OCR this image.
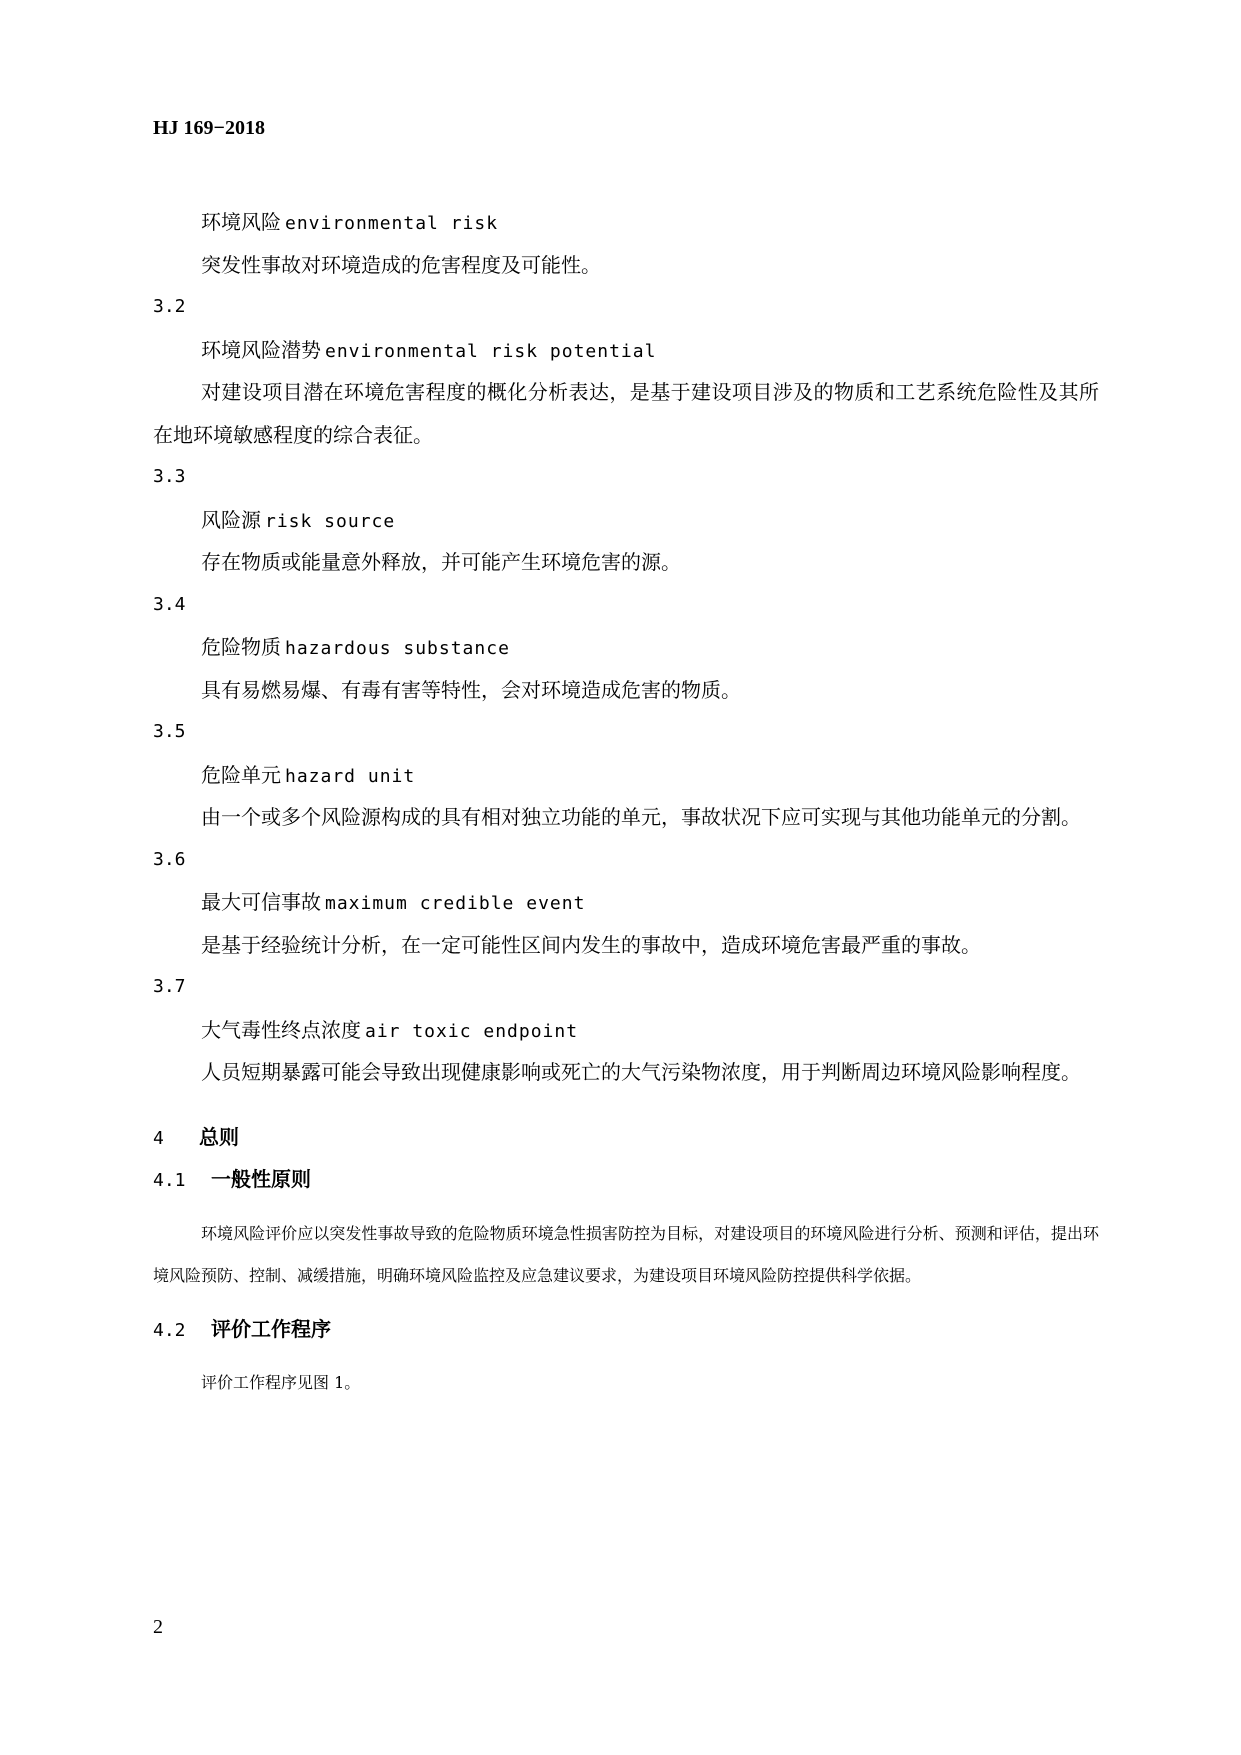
HJ 169−2018
环境风险 environmental risk
突发性事故对环境造成的危害程度及可能性。
3.2
环境风险潜势 environmental risk potential
对建设项目潜在环境危害程度的概化分析表达，是基于建设项目涉及的物质和工艺系统危险性及其所在地环境敏感程度的综合表征。
3.3
风险源 risk source
存在物质或能量意外释放，并可能产生环境危害的源。
3.4
危险物质 hazardous substance
具有易燃易爆、有毒有害等特性，会对环境造成危害的物质。
3.5
危险单元 hazard unit
由一个或多个风险源构成的具有相对独立功能的单元，事故状况下应可实现与其他功能单元的分割。
3.6
最大可信事故 maximum credible event
是基于经验统计分析，在一定可能性区间内发生的事故中，造成环境危害最严重的事故。
3.7
大气毒性终点浓度 air toxic endpoint
人员短期暴露可能会导致出现健康影响或死亡的大气污染物浓度，用于判断周边环境风险影响程度。
4 总则
4.1 一般性原则
环境风险评价应以突发性事故导致的危险物质环境急性损害防控为目标，对建设项目的环境风险进行分析、预测和评估，提出环境风险预防、控制、减缓措施，明确环境风险监控及应急建议要求，为建设项目环境风险防控提供科学依据。
4.2 评价工作程序
评价工作程序见图 1。
2
